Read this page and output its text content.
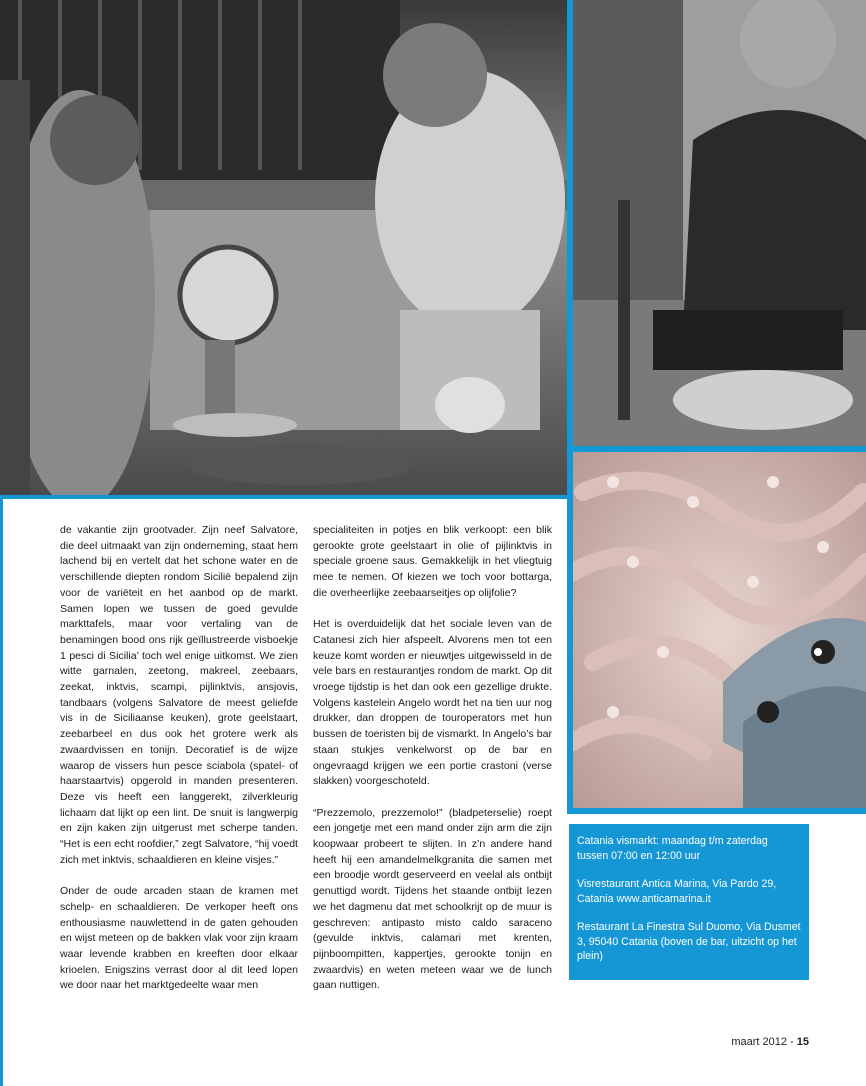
de vakantie zijn grootvader. Zijn neef Salvatore, die deel uitmaakt van zijn onderneming, staat hem lachend bij en vertelt dat het schone water en de verschillende diepten rondom Sicilië bepalend zijn voor de variëteit en het aanbod op de markt. Samen lopen we tussen de goed gevulde markttafels, maar voor vertaling van de benamingen bood ons rijk geïllustreerde visboekje 1 pesci di Sicilia’ toch wel enige uitkomst. We zien witte garnalen, zeetong, makreel, zeebaars, zeekat, inktvis, scampi, pijlinktvis, ansjovis, tandbaars (volgens Salvatore de meest geliefde vis in de Siciliaanse keuken), grote geelstaart, zeebarbeel en dus ook het grotere werk als zwaardvissen en tonijn. Decoratief is de wijze waarop de vissers hun pesce sciabola (spatel- of haarstaartvis) opgerold in manden presenteren. Deze vis heeft een langgerekt, zilverkleurig lichaam dat lijkt op een lint. De snuit is langwerpig en zijn kaken zijn uitgerust met scherpe tanden. “Het is een echt roofdier,” zegt Salvatore, “hij voedt zich met inktvis, schaaldieren en kleine visjes.”

Onder de oude arcaden staan de kramen met schelp- en schaaldieren. De verkoper heeft ons enthousiasme nauwlettend in de gaten gehouden en wijst meteen op de bakken vlak voor zijn kraam waar levende krabben en kreeften door elkaar krioelen. Enigszins verrast door al dit leed lopen we door naar het marktgedeelte waar men

specialiteiten in potjes en blik verkoopt: een blik gerookte grote geelstaart in olie of pijlinktvis in speciale groene saus. Gemakkelijk in het vliegtuig mee te nemen. Of kiezen we toch voor bottarga, die overheerlijke zeebaarseitjes op olijfolie?

Het is overduidelijk dat het sociale leven van de Catanesi zich hier afspeelt. Alvorens men tot een keuze komt worden er nieuwtjes uitgewisseld in de vele bars en restaurantjes rondom de markt. Op dit vroege tijdstip is het dan ook een gezellige drukte. Volgens kastelein Angelo wordt het na tien uur nog drukker, dan droppen de touroperators met hun bussen de toeristen bij de vismarkt. In Angelo’s bar staan stukjes venkelworst op de bar en ongevraagd krijgen we een portie crastoni (verse slakken) voorgeschoteld.

“Prezzemolo, prezzemolo!” (bladpeterselie) roept een jongetje met een mand onder zijn arm die zijn koopwaar probeert te slijten. In z’n andere hand heeft hij een amandelmelkgranita die samen met een broodje wordt geserveerd en veelal als ontbijt genuttigd wordt. Tijdens het staande ontbijt lezen we het dagmenu dat met schoolkrijt op de muur is geschreven: antipasto misto caldo saraceno (gevulde inktvis, calamari met krenten, pijnboompitten, kappertjes, gerookte tonijn en zwaardvis) en weten meteen waar we de lunch gaan nuttigen.

Catania vismarkt: maandag t/m zaterdag tussen 07:00 en 12:00 uur

Visrestaurant Antica Marina, Via Pardo 29, Catania www.anticamarina.it

Restaurant La Finestra Sul Duomo, Via Dusmet 3, 95040 Catania (boven de bar, uitzicht op het plein)

maart 2012 - 15
